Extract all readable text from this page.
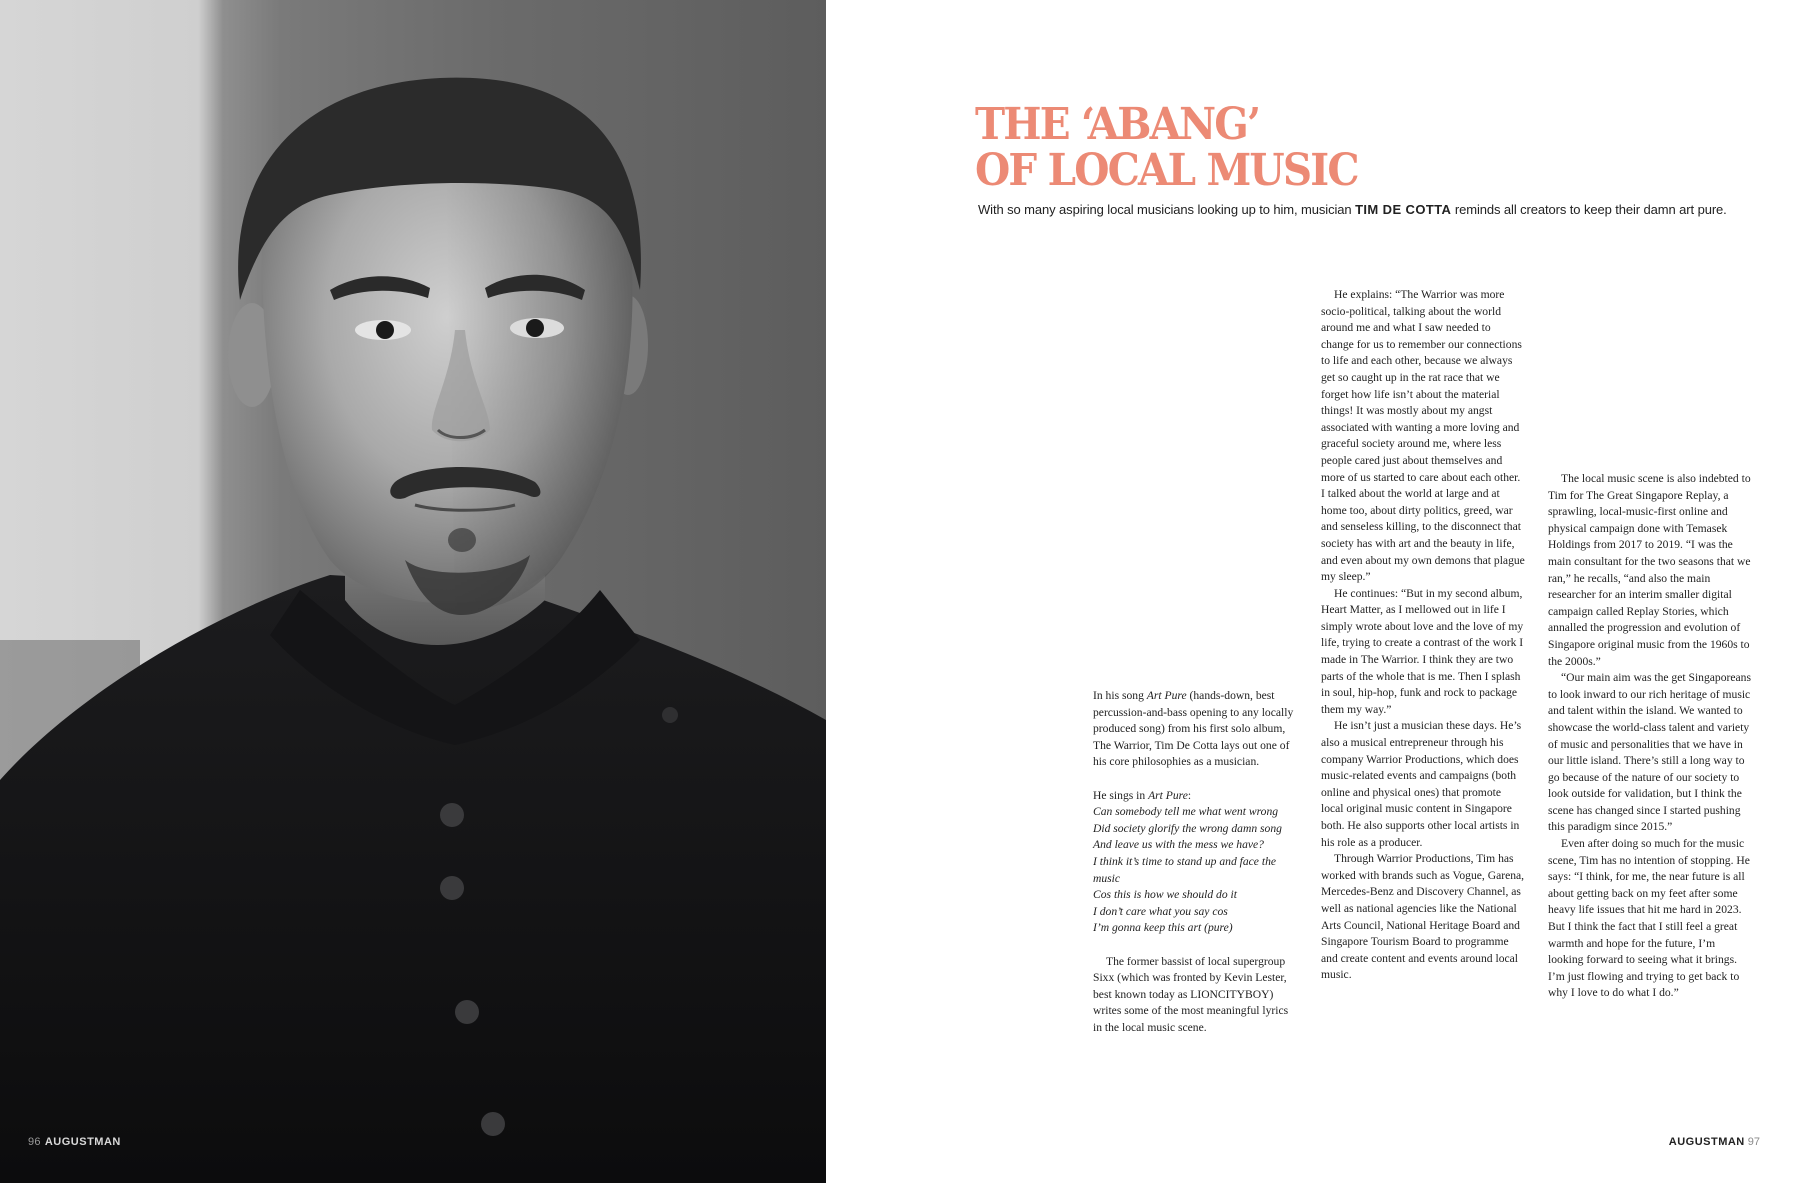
96 AUGUSTMAN
THE ‘ABANG’
OF LOCAL MUSIC

With so many aspiring local musicians looking up to him, musician TIM DE COTTA reminds all creators to keep their damn art pure.

In his song Art Pure (hands-down, best percussion-and-bass opening to any locally produced song) from his first solo album, The Warrior, Tim De Cotta lays out one of his core philosophies as a musician.

He sings in Art Pure:

Can somebody tell me what went wrong
Did society glorify the wrong damn song
And leave us with the mess we have?
I think it’s time to stand up and face the music
Cos this is how we should do it
I don’t care what you say cos
I’m gonna keep this art (pure)

The former bassist of local supergroup Sixx (which was fronted by Kevin Lester, best known today as LIONCITYBOY) writes some of the most meaningful lyrics in the local music scene.

He explains: “The Warrior was more socio-political, talking about the world around me and what I saw needed to change for us to remember our connections to life and each other, because we always get so caught up in the rat race that we forget how life isn’t about the material things! It was mostly about my angst associated with wanting a more loving and graceful society around me, where less people cared just about themselves and more of us started to care about each other. I talked about the world at large and at home too, about dirty politics, greed, war and senseless killing, to the disconnect that society has with art and the beauty in life, and even about my own demons that plague my sleep.”

He continues: “But in my second album, Heart Matter, as I mellowed out in life I simply wrote about love and the love of my life, trying to create a contrast of the work I made in The Warrior. I think they are two parts of the whole that is me. Then I splash in soul, hip-hop, funk and rock to package them my way.”

He isn’t just a musician these days. He’s also a musical entrepreneur through his company Warrior Productions, which does music-related events and campaigns (both online and physical ones) that promote local original music content in Singapore both. He also supports other local artists in his role as a producer.

Through Warrior Productions, Tim has worked with brands such as Vogue, Garena, Mercedes-Benz and Discovery Channel, as well as national agencies like the National Arts Council, National Heritage Board and Singapore Tourism Board to programme and create content and events around local music.

The local music scene is also indebted to Tim for The Great Singapore Replay, a sprawling, local-music-first online and physical campaign done with Temasek Holdings from 2017 to 2019. “I was the main consultant for the two seasons that we ran,” he recalls, “and also the main researcher for an interim smaller digital campaign called Replay Stories, which annalled the progression and evolution of Singapore original music from the 1960s to the 2000s.”

“Our main aim was the get Singaporeans to look inward to our rich heritage of music and talent within the island. We wanted to showcase the world-class talent and variety of music and personalities that we have in our little island. There’s still a long way to go because of the nature of our society to look outside for validation, but I think the scene has changed since I started pushing this paradigm since 2015.”

Even after doing so much for the music scene, Tim has no intention of stopping. He says: “I think, for me, the near future is all about getting back on my feet after some heavy life issues that hit me hard in 2023. But I think the fact that I still feel a great warmth and hope for the future, I’m looking forward to seeing what it brings. I’m just flowing and trying to get back to why I love to do what I do.”

AUGUSTMAN 97
